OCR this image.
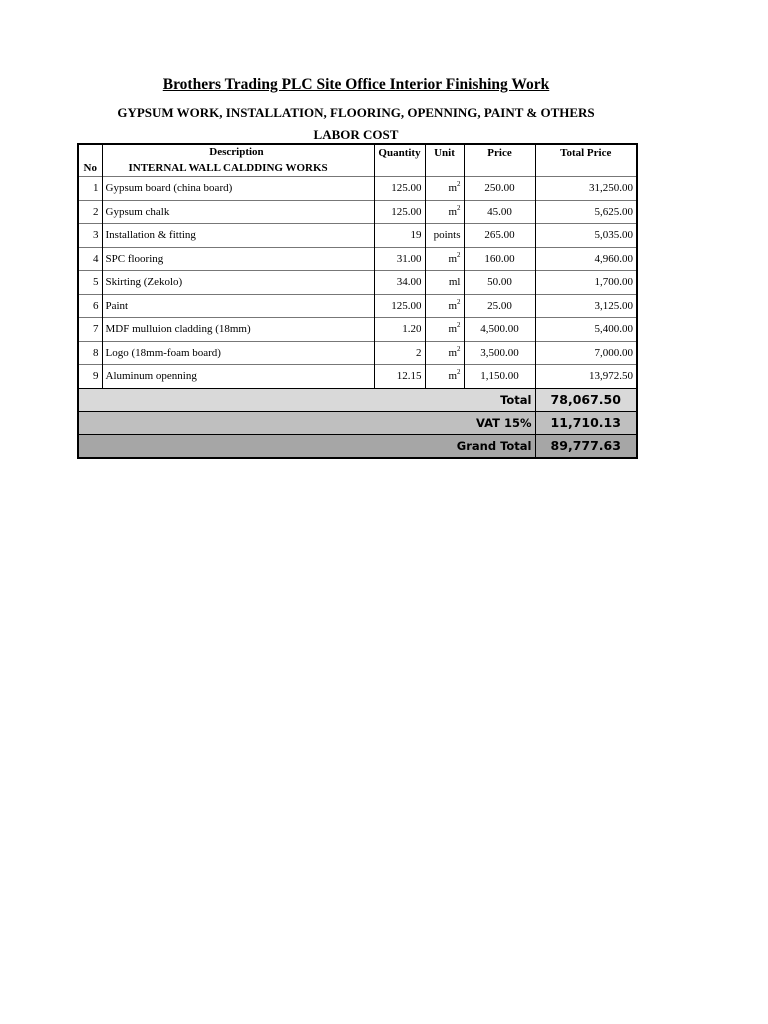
Brothers Trading PLC Site Office Interior Finishing Work
GYPSUM WORK, INSTALLATION, FLOORING, OPENNING, PAINT & OTHERS
LABOR COST
	Description	Quantity	Unit	Price	Total Price
No	INTERNAL WALL CALDDING WORKS				
1	Gypsum board (china board)	125.00	$m^2$	250.00	31,250.00
2	Gypsum chalk	125.00	$m^2$	45.00	5,625.00
3	Installation & fitting	19	points	265.00	5,035.00
4	SPC flooring	31.00	$m^2$	160.00	4,960.00
5	Skirting (Zekolo)	34.00	ml	50.00	1,700.00
6	Paint	125.00	$m^2$	25.00	3,125.00
7	MDF mulluion cladding (18mm)	1.20	$m^2$	4,500.00	5,400.00
8	Logo (18mm-foam board)	2	$m^2$	3,500.00	7,000.00
9	Aluminum openning	12.15	$m^2$	1,150.00	13,972.50
Total					78,067.50
VAT 15%					11,710.13
Grand Total					89,777.63
